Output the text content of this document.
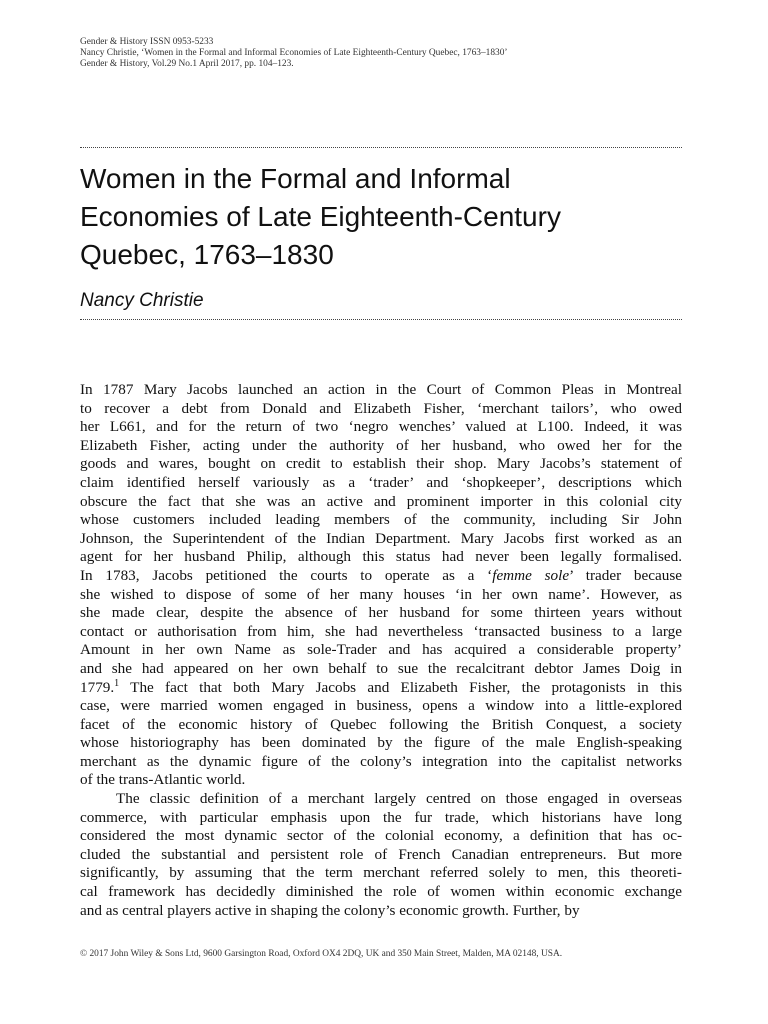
Gender & History ISSN 0953-5233
Nancy Christie, ‘Women in the Formal and Informal Economies of Late Eighteenth-Century Quebec, 1763–1830’
Gender & History, Vol.29 No.1 April 2017, pp. 104–123.
Women in the Formal and Informal
Economies of Late Eighteenth-Century
Quebec, 1763–1830
Nancy Christie
In 1787 Mary Jacobs launched an action in the Court of Common Pleas in Montreal
to recover a debt from Donald and Elizabeth Fisher, ‘merchant tailors’, who owed
her L661, and for the return of two ‘negro wenches’ valued at L100. Indeed, it was
Elizabeth Fisher, acting under the authority of her husband, who owed her for the
goods and wares, bought on credit to establish their shop. Mary Jacobs’s statement of
claim identified herself variously as a ‘trader’ and ‘shopkeeper’, descriptions which
obscure the fact that she was an active and prominent importer in this colonial city
whose customers included leading members of the community, including Sir John
Johnson, the Superintendent of the Indian Department. Mary Jacobs first worked as an
agent for her husband Philip, although this status had never been legally formalised.
In 1783, Jacobs petitioned the courts to operate as a ‘femme sole’ trader because
she wished to dispose of some of her many houses ‘in her own name’. However, as
she made clear, despite the absence of her husband for some thirteen years without
contact or authorisation from him, she had nevertheless ‘transacted business to a large
Amount in her own Name as sole-Trader and has acquired a considerable property’
and she had appeared on her own behalf to sue the recalcitrant debtor James Doig in
1779.$^1$ The fact that both Mary Jacobs and Elizabeth Fisher, the protagonists in this
case, were married women engaged in business, opens a window into a little-explored
facet of the economic history of Quebec following the British Conquest, a society
whose historiography has been dominated by the figure of the male English-speaking
merchant as the dynamic figure of the colony’s integration into the capitalist networks
of the trans-Atlantic world.
The classic definition of a merchant largely centred on those engaged in overseas
commerce, with particular emphasis upon the fur trade, which historians have long
considered the most dynamic sector of the colonial economy, a definition that has oc-
cluded the substantial and persistent role of French Canadian entrepreneurs. But more
significantly, by assuming that the term merchant referred solely to men, this theoreti-
cal framework has decidedly diminished the role of women within economic exchange
and as central players active in shaping the colony’s economic growth. Further, by
© 2017 John Wiley & Sons Ltd, 9600 Garsington Road, Oxford OX4 2DQ, UK and 350 Main Street, Malden, MA 02148, USA.
